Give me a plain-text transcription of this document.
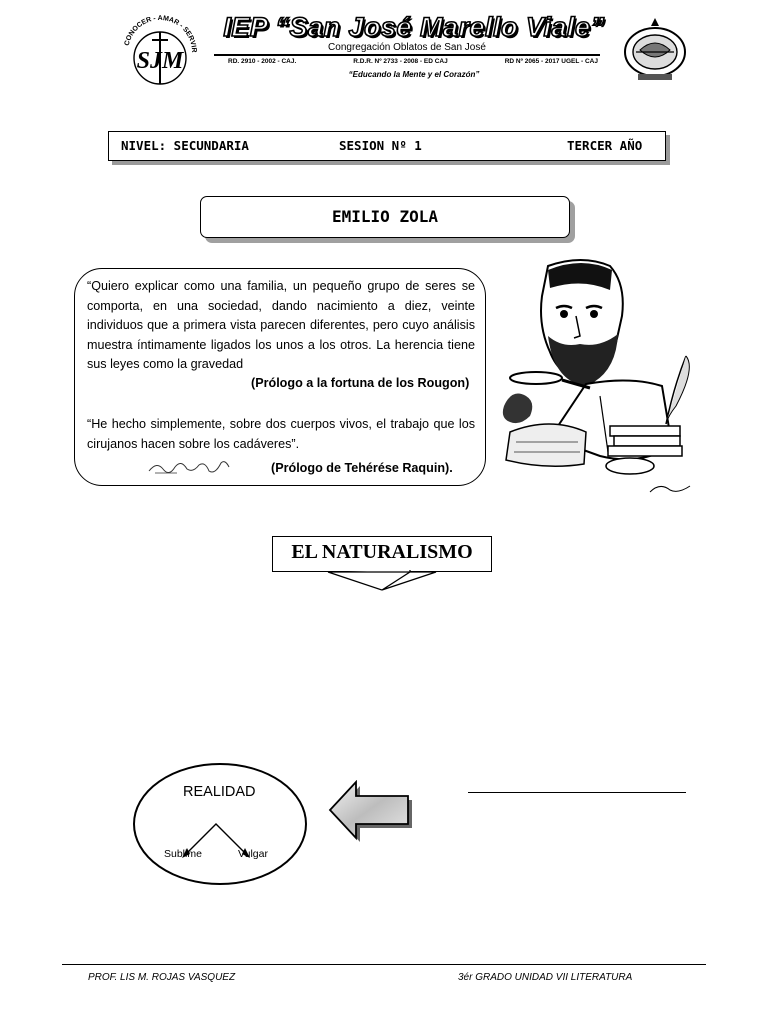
CONOCER - AMAR - SERVIR
SJM
IEP “San José Marello Viale”
Congregación Oblatos de San José
RD. 2910 - 2002 - CAJ.	R.D.R. Nº 2733 - 2008 - ED CAJ	RD Nº 2065 - 2017 UGEL - CAJ
“Educando la Mente y el Corazón”
NIVEL: SECUNDARIA	SESION Nº 1	TERCER AÑO
EMILIO ZOLA
“Quiero explicar como una familia, un pequeño grupo de seres se comporta, en una sociedad, dando nacimiento a diez, veinte individuos que a primera vista parecen diferentes, pero cuyo análisis muestra íntimamente ligados los unos a los otros. La herencia tiene sus leyes como la gravedad
(Prólogo a la fortuna de los Rougon)
“He hecho simplemente, sobre dos cuerpos vivos, el trabajo que los cirujanos hacen sobre los cadáveres”.
(Prólogo de Tehérése Raquin).
EL NATURALISMO
REALIDAD
Sublime	Vulgar
PROF. LIS M. ROJAS VASQUEZ	3ér GRADO UNIDAD VII LITERATURA
